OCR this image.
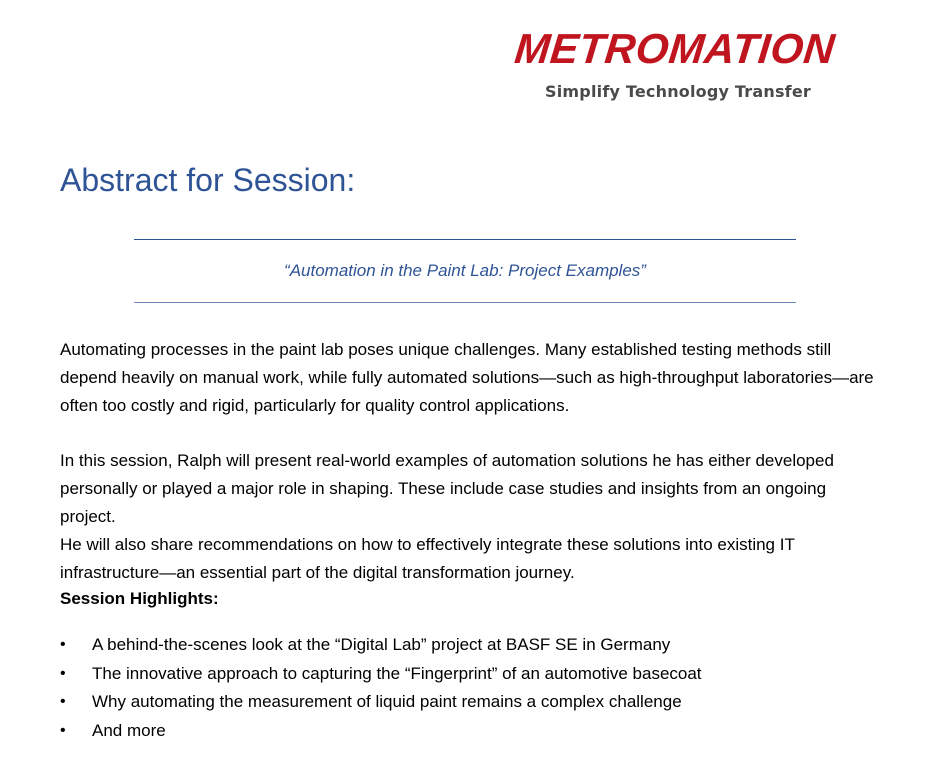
METROMATION
Simplify Technology Transfer
Abstract for Session:
“Automation in the Paint Lab: Project Examples”

Automating processes in the paint lab poses unique challenges. Many established testing methods still depend heavily on manual work, while fully automated solutions—such as high-throughput laboratories—are often too costly and rigid, particularly for quality control applications.

In this session, Ralph will present real-world examples of automation solutions he has either developed personally or played a major role in shaping. These include case studies and insights from an ongoing project.

He will also share recommendations on how to effectively integrate these solutions into existing IT infrastructure—an essential part of the digital transformation journey.

Session Highlights:

• A behind-the-scenes look at the “Digital Lab” project at BASF SE in Germany
• The innovative approach to capturing the “Fingerprint” of an automotive basecoat
• Why automating the measurement of liquid paint remains a complex challenge
• And more
